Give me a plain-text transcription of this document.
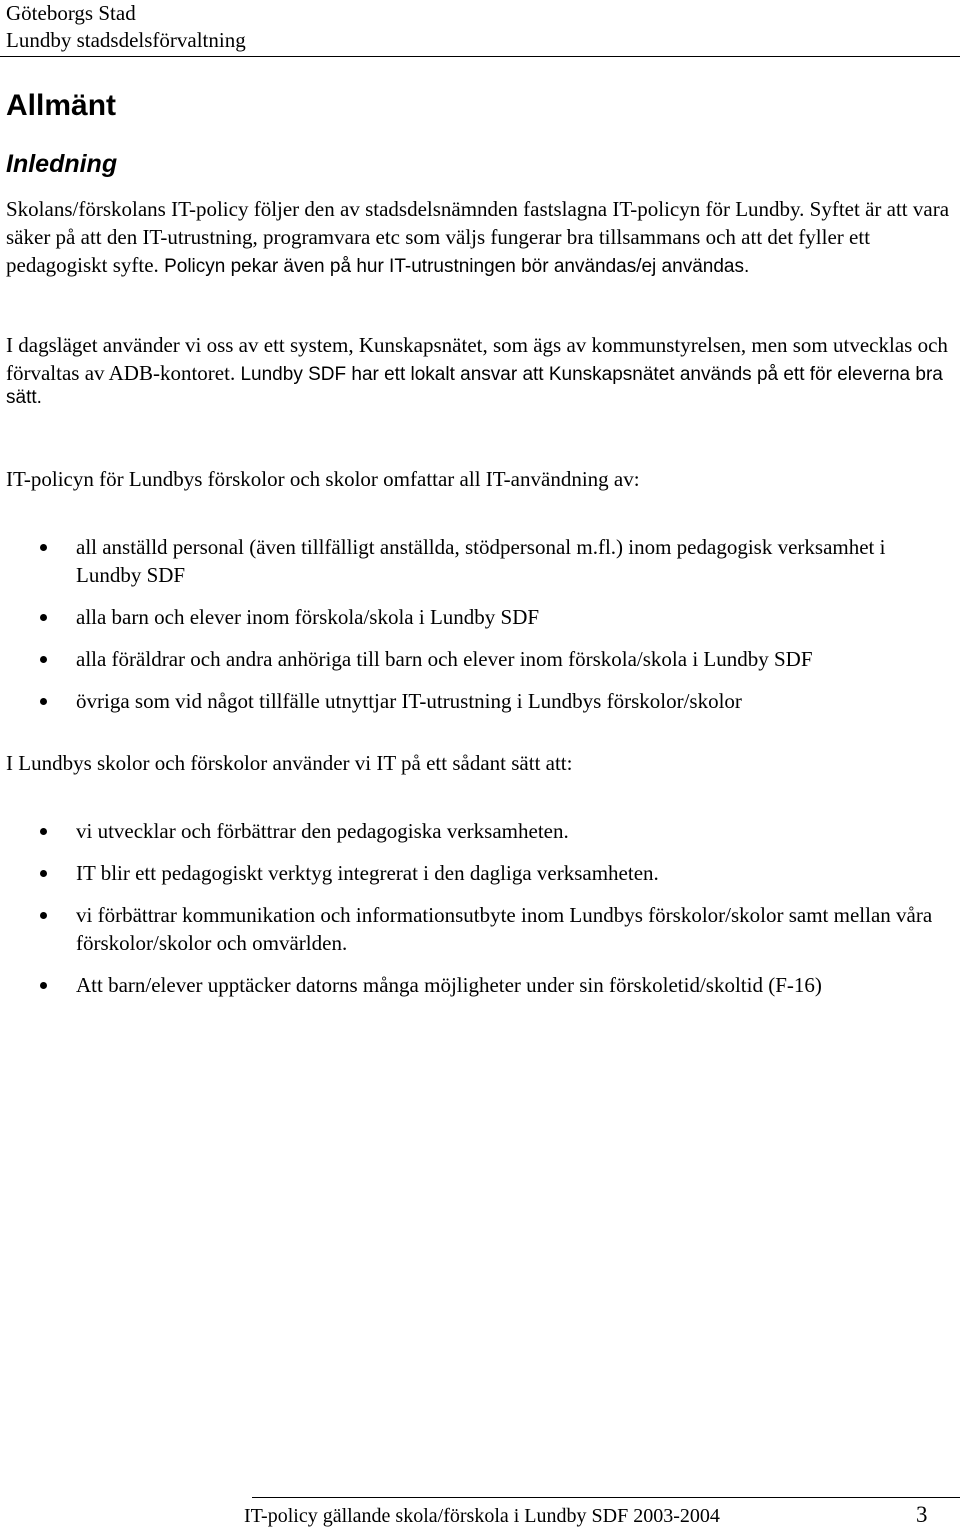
Göteborgs Stad
Lundby stadsdelsförvaltning
Allmänt
Inledning

Skolans/förskolans IT-policy följer den av stadsdelsnämnden fastslagna IT-policyn för Lundby. Syftet är att vara säker på att den IT-utrustning, programvara etc som väljs fungerar bra tillsammans och att det fyller ett pedagogiskt syfte. Policyn pekar även på hur IT-utrustningen bör användas/ej användas.

I dagsläget använder vi oss av ett system, Kunskapsnätet, som ägs av kommunstyrelsen, men som utvecklas och förvaltas av ADB-kontoret. Lundby SDF har ett lokalt ansvar att Kunskapsnätet används på ett för eleverna bra sätt.

IT-policyn för Lundbys förskolor och skolor omfattar all IT-användning av:

all anställd personal (även tillfälligt anställda, stödpersonal m.fl.) inom pedagogisk verksamhet i Lundby SDF
alla barn och elever inom förskola/skola i Lundby SDF
alla föräldrar och andra anhöriga till barn och elever inom förskola/skola i Lundby SDF
övriga som vid något tillfälle utnyttjar IT-utrustning i Lundbys förskolor/skolor

I Lundbys skolor och förskolor använder vi IT på ett sådant sätt att:

vi utvecklar och förbättrar den pedagogiska verksamheten.
IT blir ett pedagogiskt verktyg integrerat i den dagliga verksamheten.
vi förbättrar kommunikation och informationsutbyte inom Lundbys förskolor/skolor samt mellan våra förskolor/skolor och omvärlden.
Att barn/elever upptäcker datorns många möjligheter under sin förskoletid/skoltid (F-16)
IT-policy gällande skola/förskola i Lundby SDF 2003-2004	3
